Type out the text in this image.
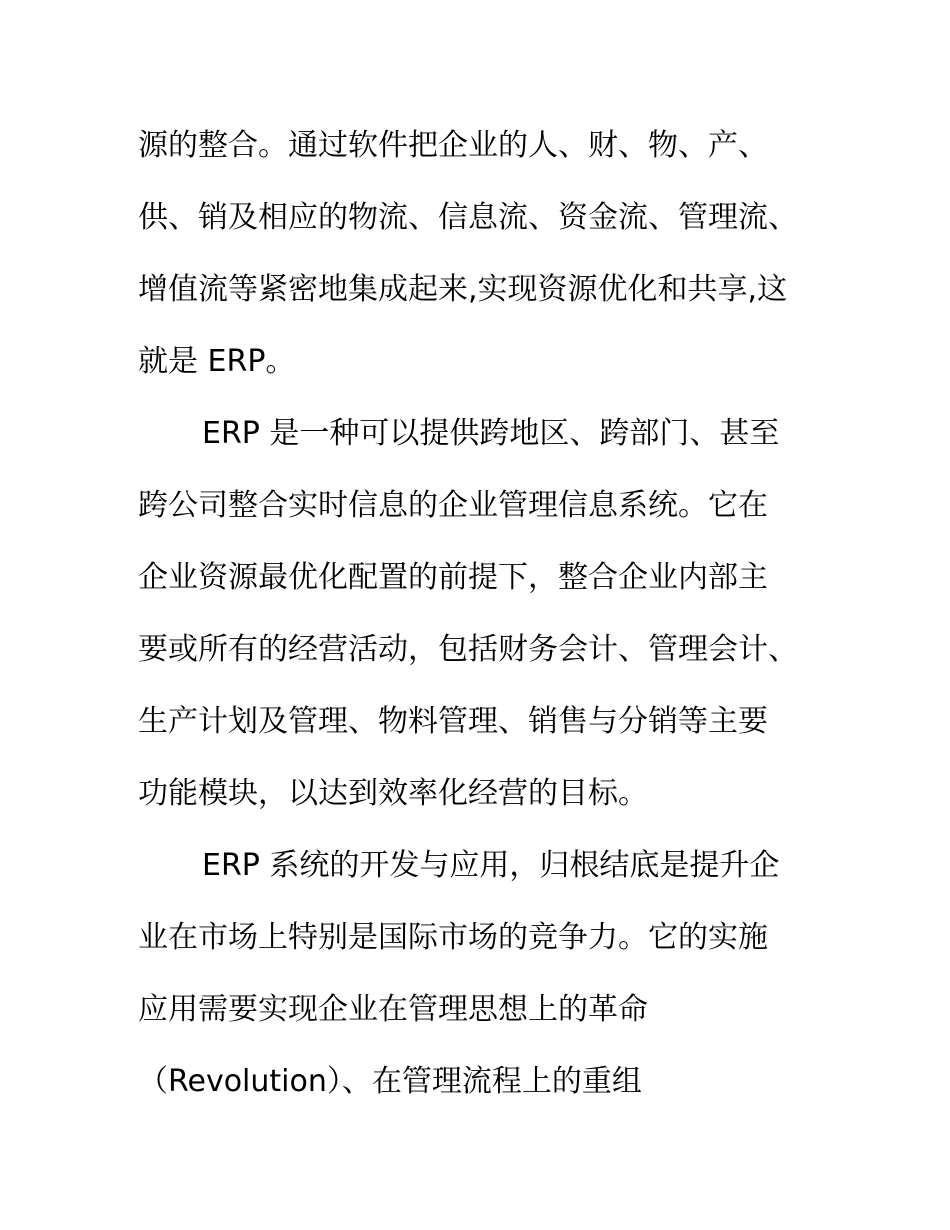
源的整合。通过软件把企业的人、财、物、产、
供、销及相应的物流、信息流、资金流、管理流、
增值流等紧密地集成起来,实现资源优化和共享,这
就是 ERP。
ERP 是一种可以提供跨地区、跨部门、甚至
跨公司整合实时信息的企业管理信息系统。它在
企业资源最优化配置的前提下，整合企业内部主
要或所有的经营活动，包括财务会计、管理会计、
生产计划及管理、物料管理、销售与分销等主要
功能模块，以达到效率化经营的目标。
ERP 系统的开发与应用，归根结底是提升企
业在市场上特别是国际市场的竞争力。它的实施
应用需要实现企业在管理思想上的革命
（Revolution）、在管理流程上的重组
